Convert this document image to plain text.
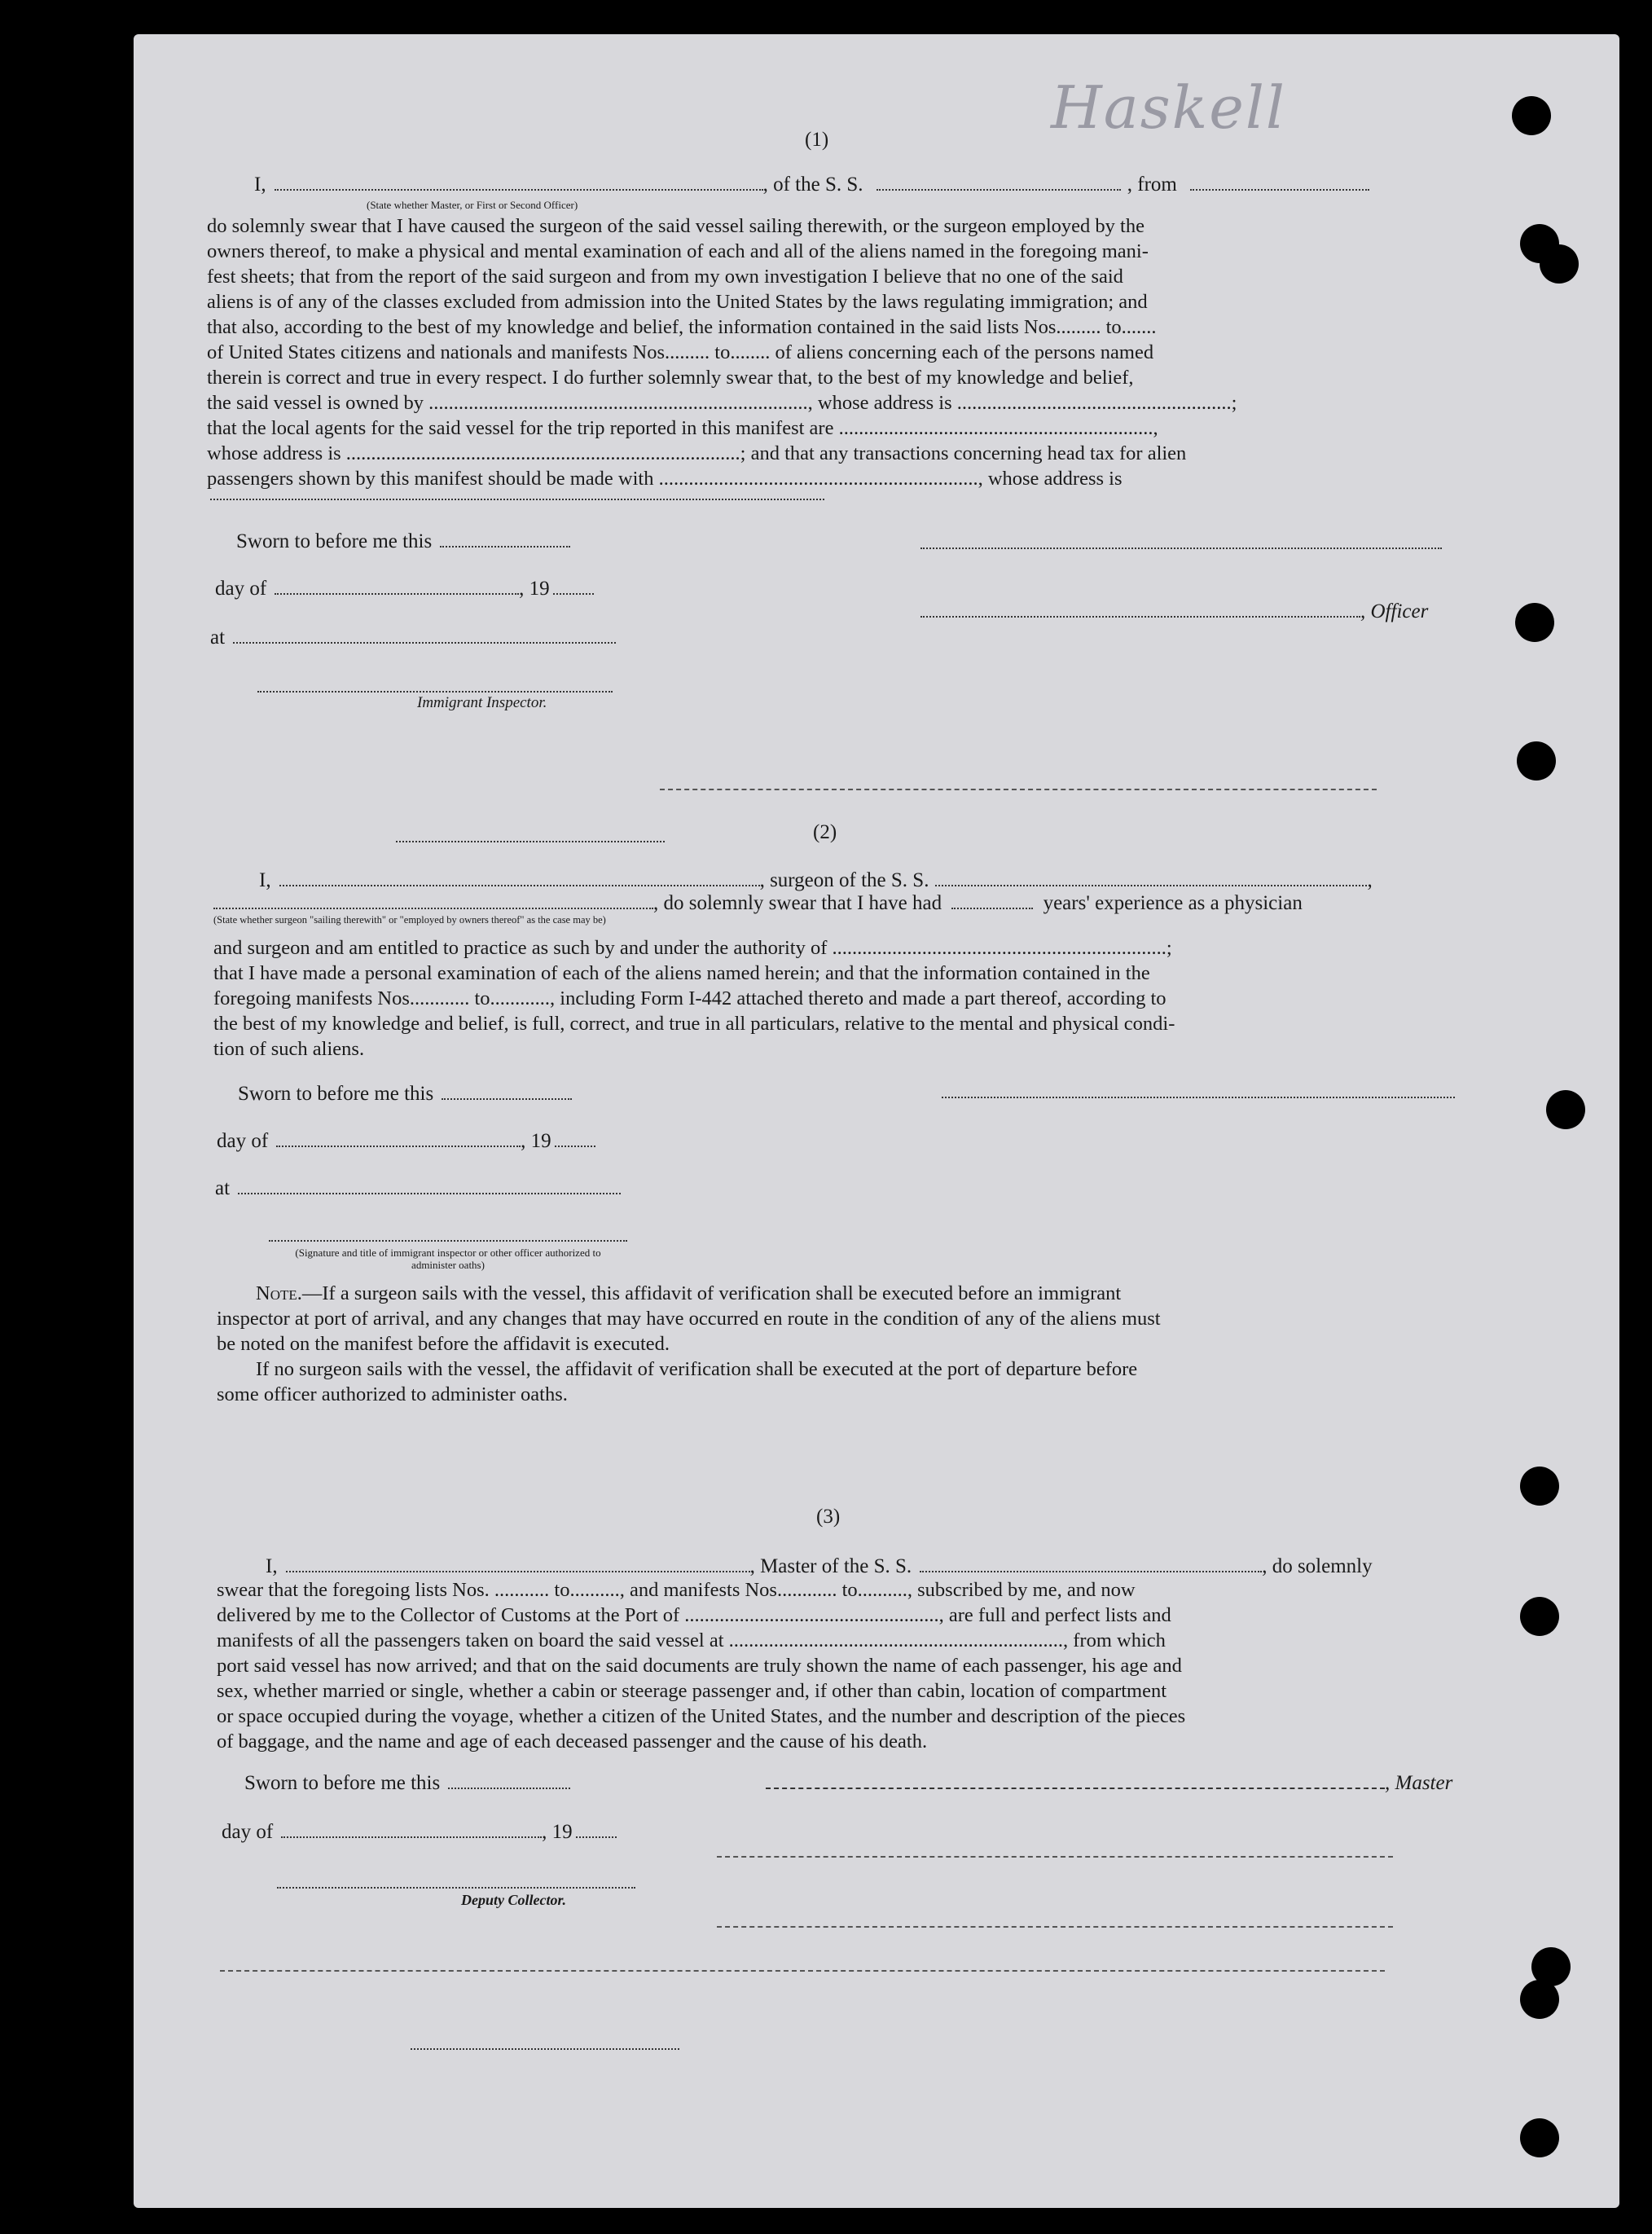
Haskell
(1)
I,	, of the S. S.	, from
(State whether Master, or First or Second Officer)
do solemnly swear that I have caused the surgeon of the said vessel sailing therewith, or the surgeon employed by the
owners thereof, to make a physical and mental examination of each and all of the aliens named in the foregoing mani-
fest sheets; that from the report of the said surgeon and from my own investigation I believe that no one of the said
aliens is of any of the classes excluded from admission into the United States by the laws regulating immigration; and
that also, according to the best of my knowledge and belief, the information contained in the said lists Nos......... to.......
of United States citizens and nationals and manifests Nos......... to........ of aliens concerning each of the persons named
therein is correct and true in every respect. I do further solemnly swear that, to the best of my knowledge and belief,
the said vessel is owned by ............................................................................, whose address is .......................................................;
that the local agents for the said vessel for the trip reported in this manifest are ...............................................................,
whose address is ...............................................................................; and that any transactions concerning head tax for alien
passengers shown by this manifest should be made with ................................................................, whose address is
Sworn to before me this
day of	, 19
, Officer
at
Immigrant Inspector.
(2)
I,	, surgeon of the S. S.	,
, do solemnly swear that I have had	years' experience as a physician
(State whether surgeon "sailing therewith" or "employed by owners thereof" as the case may be)
and surgeon and am entitled to practice as such by and under the authority of ...................................................................;
that I have made a personal examination of each of the aliens named herein; and that the information contained in the
foregoing manifests Nos............ to............, including Form I-442 attached thereto and made a part thereof, according to
the best of my knowledge and belief, is full, correct, and true in all particulars, relative to the mental and physical condi-
tion of such aliens.
Sworn to before me this
day of	, 19
at
(Signature and title of immigrant inspector or other officer authorized to administer oaths)
Note.—If a surgeon sails with the vessel, this affidavit of verification shall be executed before an immigrant
inspector at port of arrival, and any changes that may have occurred en route in the condition of any of the aliens must
be noted on the manifest before the affidavit is executed.
If no surgeon sails with the vessel, the affidavit of verification shall be executed at the port of departure before
some officer authorized to administer oaths.
(3)
I,	, Master of the S. S.	, do solemnly
swear that the foregoing lists Nos. ........... to.........., and manifests Nos............ to.........., subscribed by me, and now
delivered by me to the Collector of Customs at the Port of ..................................................., are full and perfect lists and
manifests of all the passengers taken on board the said vessel at ..................................................................., from which
port said vessel has now arrived; and that on the said documents are truly shown the name of each passenger, his age and
sex, whether married or single, whether a cabin or steerage passenger and, if other than cabin, location of compartment
or space occupied during the voyage, whether a citizen of the United States, and the number and description of the pieces
of baggage, and the name and age of each deceased passenger and the cause of his death.
Sworn to before me this	, Master
day of	, 19
Deputy Collector.
